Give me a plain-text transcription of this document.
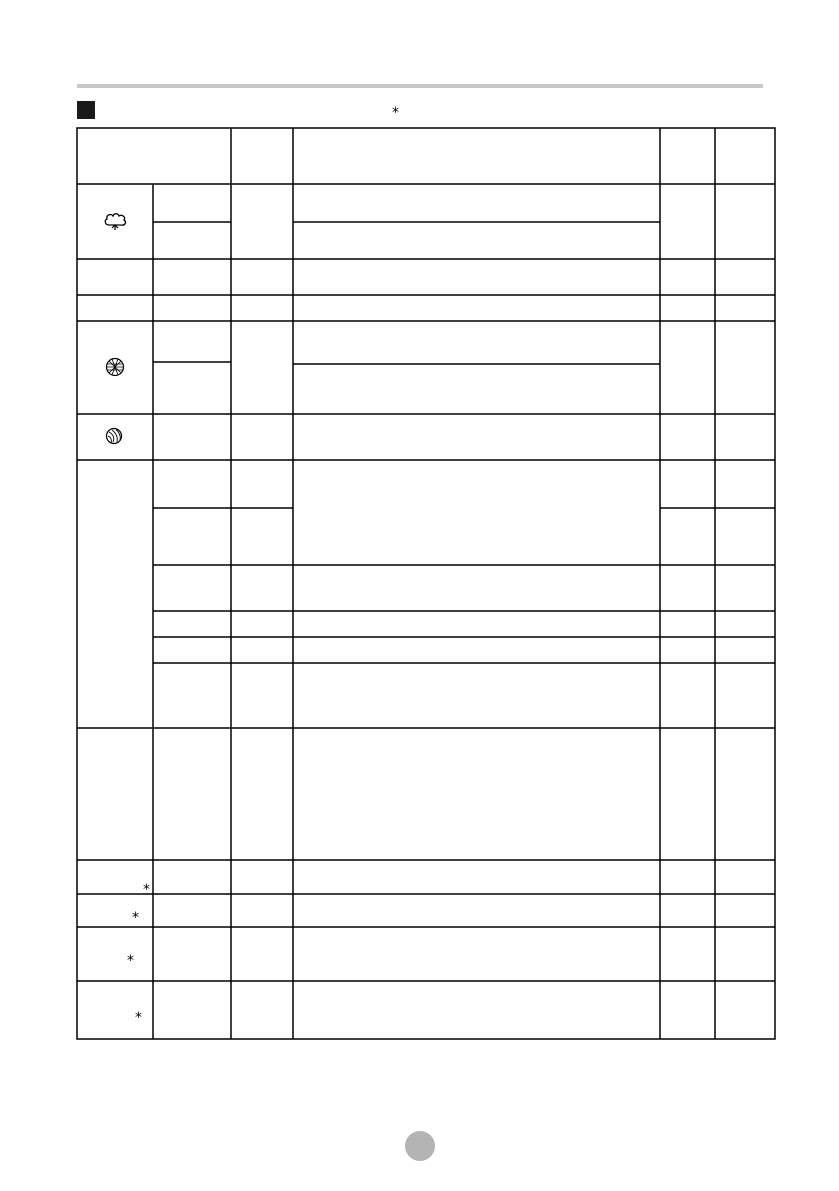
*
*
*
*
*
